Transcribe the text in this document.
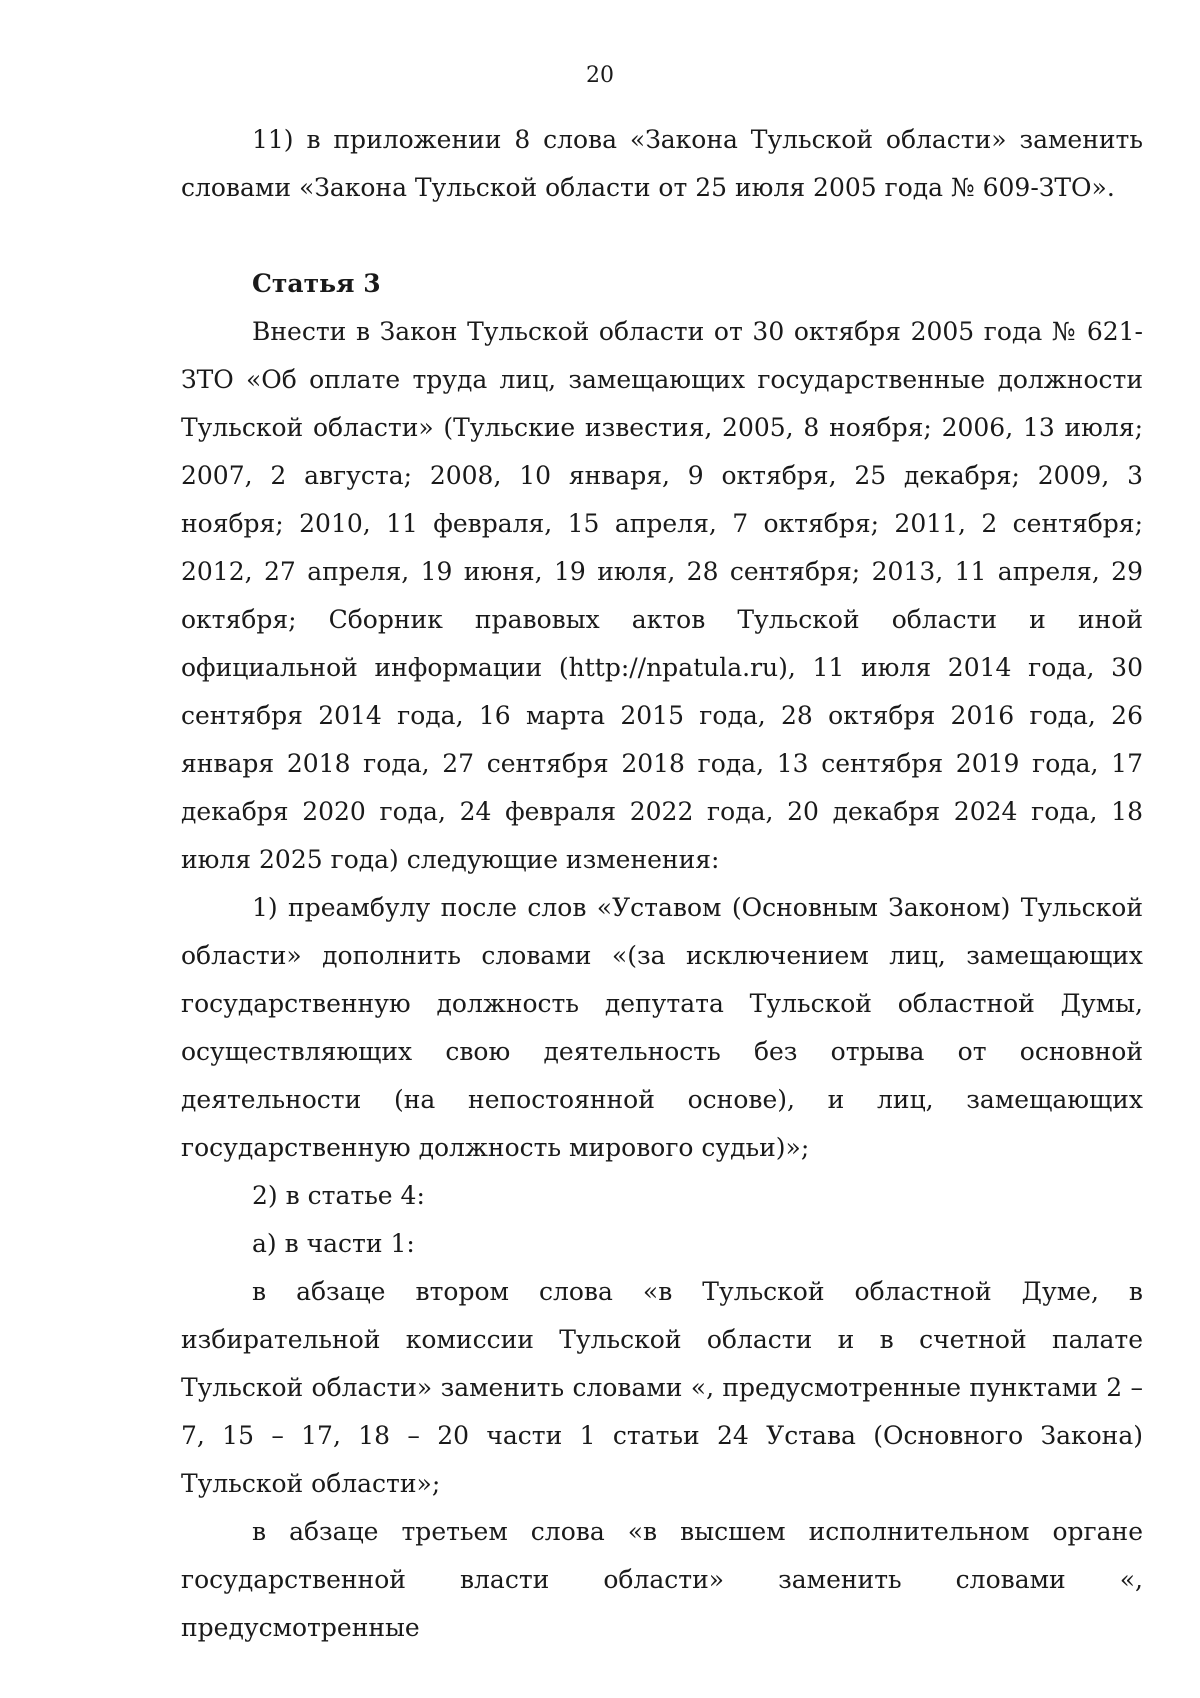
20

11) в приложении 8 слова «Закона Тульской области» заменить словами «Закона Тульской области от 25 июля 2005 года № 609-ЗТО».

Статья 3

Внести в Закон Тульской области от 30 октября 2005 года № 621-ЗТО «Об оплате труда лиц, замещающих государственные должности Тульской области» (Тульские известия, 2005, 8 ноября; 2006, 13 июля; 2007, 2 августа; 2008, 10 января, 9 октября, 25 декабря; 2009, 3 ноября; 2010, 11 февраля, 15 апреля, 7 октября; 2011, 2 сентября; 2012, 27 апреля, 19 июня, 19 июля, 28 сентября; 2013, 11 апреля, 29 октября; Сборник правовых актов Тульской области и иной официальной информации (http://npatula.ru), 11 июля 2014 года, 30 сентября 2014 года, 16 марта 2015 года, 28 октября 2016 года, 26 января 2018 года, 27 сентября 2018 года, 13 сентября 2019 года, 17 декабря 2020 года, 24 февраля 2022 года, 20 декабря 2024 года, 18 июля 2025 года) следующие изменения:

1) преамбулу после слов «Уставом (Основным Законом) Тульской области» дополнить словами «(за исключением лиц, замещающих государственную должность депутата Тульской областной Думы, осуществляющих свою деятельность без отрыва от основной деятельности (на непостоянной основе), и лиц, замещающих государственную должность мирового судьи)»;

2) в статье 4:

а) в части 1:

в абзаце втором слова «в Тульской областной Думе, в избирательной комиссии Тульской области и в счетной палате Тульской области» заменить словами «, предусмотренные пунктами 2 – 7, 15 – 17, 18 – 20 части 1 статьи 24 Устава (Основного Закона) Тульской области»;

в абзаце третьем слова «в высшем исполнительном органе государственной власти области» заменить словами «, предусмотренные
